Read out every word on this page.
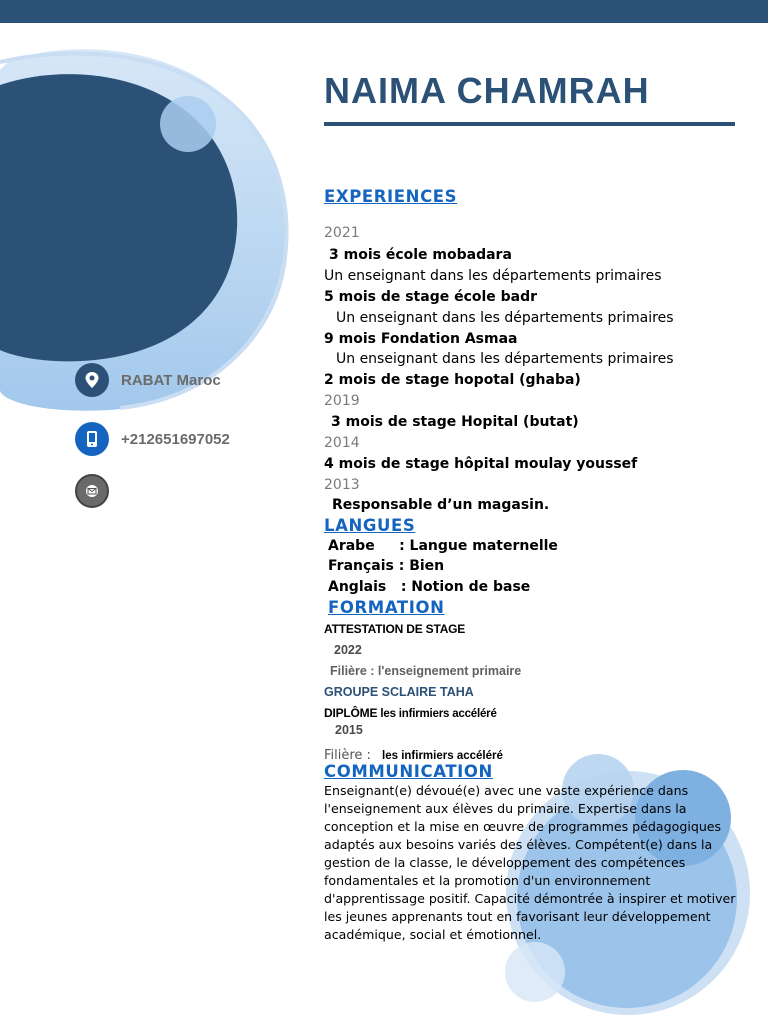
NAIMA CHAMRAH
RABAT Maroc
+212651697052
EXPERIENCES
2021
3 mois école mobadara
Un enseignant dans les départements primaires
5 mois de stage école badr
Un enseignant dans les départements primaires
9 mois Fondation Asmaa
Un enseignant dans les départements primaires
2 mois de stage hopotal (ghaba)
2019
3 mois de stage Hopital (butat)
2014
4 mois de stage hôpital moulay youssef
2013
Responsable d’un magasin.
LANGUES
Arabe     : Langue maternelle
Français : Bien
Anglais   : Notion de base
FORMATION
ATTESTATION DE STAGE
2022
Filière : l'enseignement primaire
GROUPE SCLAIRE TAHA
DIPLÔME les infirmiers accéléré
2015
Filière : les infirmiers accéléré
COMMUNICATION
Enseignant(e) dévoué(e) avec une vaste expérience dans l'enseignement aux élèves du primaire. Expertise dans la conception et la mise en œuvre de programmes pédagogiques adaptés aux besoins variés des élèves. Compétent(e) dans la gestion de la classe, le développement des compétences fondamentales et la promotion d'un environnement d'apprentissage positif. Capacité démontrée à inspirer et motiver les jeunes apprenants tout en favorisant leur développement académique, social et émotionnel.
